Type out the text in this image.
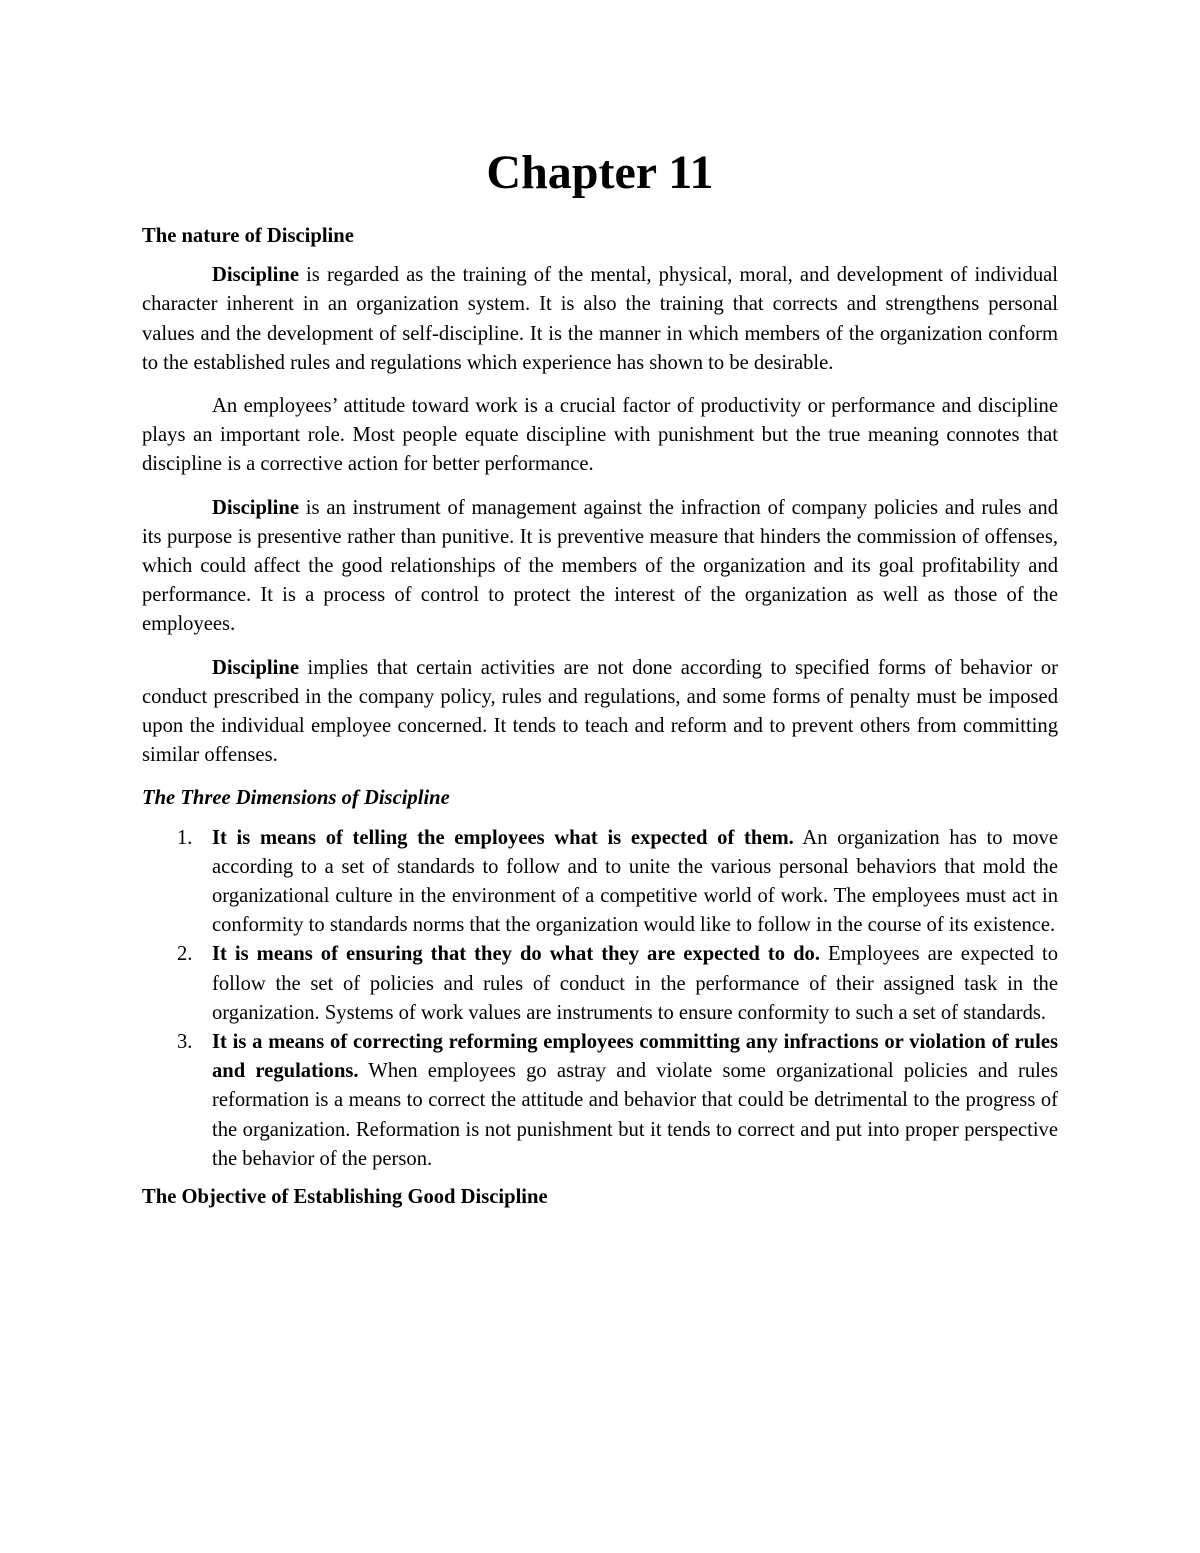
Chapter 11
The nature of Discipline

Discipline is regarded as the training of the mental, physical, moral, and development of individual character inherent in an organization system. It is also the training that corrects and strengthens personal values and the development of self-discipline. It is the manner in which members of the organization conform to the established rules and regulations which experience has shown to be desirable.

An employees’ attitude toward work is a crucial factor of productivity or performance and discipline plays an important role. Most people equate discipline with punishment but the true meaning connotes that discipline is a corrective action for better performance.

Discipline is an instrument of management against the infraction of company policies and rules and its purpose is presentive rather than punitive. It is preventive measure that hinders the commission of offenses, which could affect the good relationships of the members of the organization and its goal profitability and performance. It is a process of control to protect the interest of the organization as well as those of the employees.

Discipline implies that certain activities are not done according to specified forms of behavior or conduct prescribed in the company policy, rules and regulations, and some forms of penalty must be imposed upon the individual employee concerned. It tends to teach and reform and to prevent others from committing similar offenses.

The Three Dimensions of Discipline
1. It is means of telling the employees what is expected of them. An organization has to move according to a set of standards to follow and to unite the various personal behaviors that mold the organizational culture in the environment of a competitive world of work. The employees must act in conformity to standards norms that the organization would like to follow in the course of its existence.
2. It is means of ensuring that they do what they are expected to do. Employees are expected to follow the set of policies and rules of conduct in the performance of their assigned task in the organization. Systems of work values are instruments to ensure conformity to such a set of standards.
3. It is a means of correcting reforming employees committing any infractions or violation of rules and regulations. When employees go astray and violate some organizational policies and rules reformation is a means to correct the attitude and behavior that could be detrimental to the progress of the organization. Reformation is not punishment but it tends to correct and put into proper perspective the behavior of the person.
The Objective of Establishing Good Discipline
